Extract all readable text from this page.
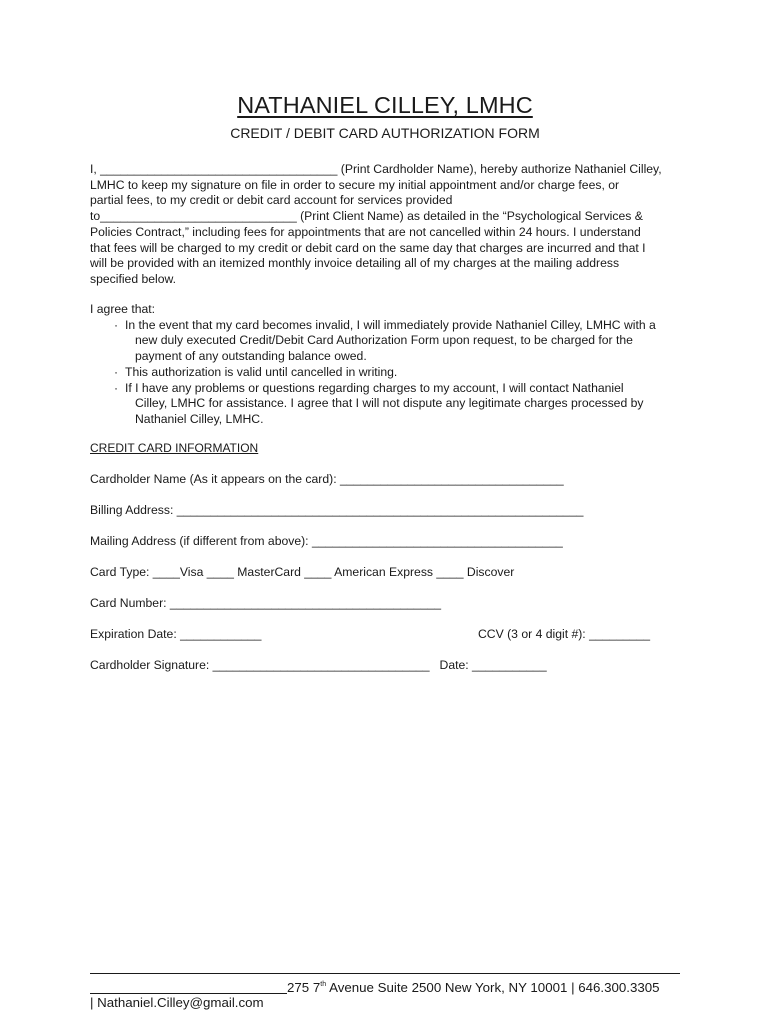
NATHANIEL CILLEY, LMHC
CREDIT / DEBIT CARD AUTHORIZATION FORM
I, ___________________________________ (Print Cardholder Name), hereby authorize Nathaniel Cilley,
LMHC to keep my signature on file in order to secure my initial appointment and/or charge fees, or
partial fees, to my credit or debit card account for services provided
to_____________________________ (Print Client Name) as detailed in the “Psychological Services &
Policies Contract,” including fees for appointments that are not cancelled within 24 hours. I understand
that fees will be charged to my credit or debit card on the same day that charges are incurred and that I
will be provided with an itemized monthly invoice detailing all of my charges at the mailing address
specified below.
I agree that:
· In the event that my card becomes invalid, I will immediately provide Nathaniel Cilley, LMHC with a
new duly executed Credit/Debit Card Authorization Form upon request, to be charged for the
payment of any outstanding balance owed.
· This authorization is valid until cancelled in writing.
· If I have any problems or questions regarding charges to my account, I will contact Nathaniel
Cilley, LMHC for assistance. I agree that I will not dispute any legitimate charges processed by
Nathaniel Cilley, LMHC.
CREDIT CARD INFORMATION
Cardholder Name (As it appears on the card): _________________________________
Billing Address: ____________________________________________________________
Mailing Address (if different from above): _____________________________________
Card Type: ____Visa ____ MasterCard ____ American Express ____ Discover
Card Number: ________________________________________
Expiration Date: ____________	CCV (3 or 4 digit #): _________
Cardholder Signature: ________________________________ Date: ___________
275 7th Avenue Suite 2500 New York, NY 10001 | 646.300.3305
| Nathaniel.Cilley@gmail.com
